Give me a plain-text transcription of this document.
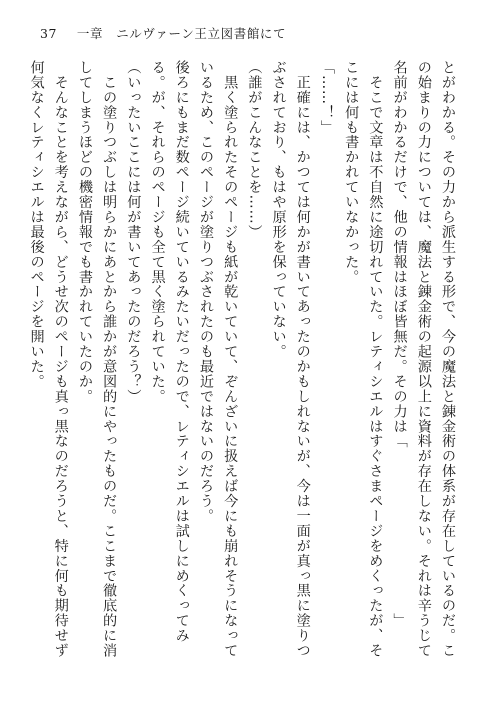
37 一章　ニルヴァーン王立図書館にて
とがわかる。その力から派生する形で、今の魔法と錬金術の体系が存在しているのだ。こ
の始まりの力については、魔法と錬金術の起源以上に資料が存在しない。それは辛うじて
名前がわかるだけで、他の情報はほぼ皆無だ。その力は「　　　　　　　　　　　」
　そこで文章は不自然に途切れていた。レティシエルはすぐさまページをめくったが、そ
こには何も書かれていなかった。
「……！」
　正確には、かつては何かが書いてあったのかもしれないが、今は一面が真っ黒に塗りつ
ぶされており、もはや原形を保っていない。
（誰がこんなことを……）
　黒く塗られたそのページも紙が乾いていて、ぞんざいに扱えば今にも崩れそうになって
いるため、このページが塗りつぶされたのも最近ではないのだろう。
後ろにもまだ数ページ続いているみたいだったので、レティシエルは試しにめくってみ
る。が、それらのページも全て黒く塗られていた。
（いったいここには何が書いてあったのだろう？）
　この塗りつぶしは明らかにあとから誰かが意図的にやったものだ。ここまで徹底的に消
してしまうほどの機密情報でも書かれていたのか。
　そんなことを考えながら、どうせ次のページも真っ黒なのだろうと、特に何も期待せず
何気なくレティシエルは最後のページを開いた。
